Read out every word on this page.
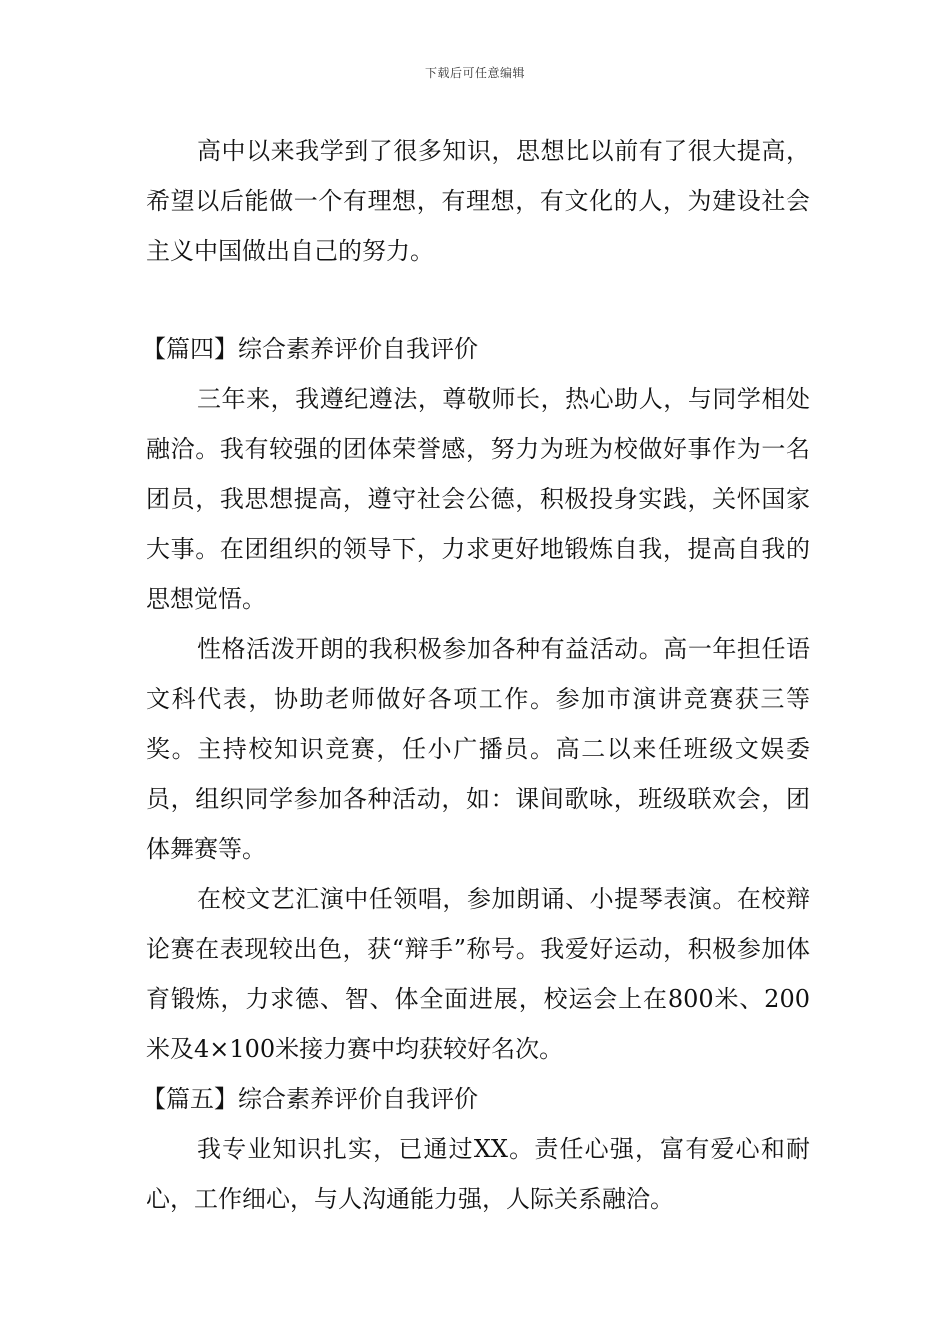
下载后可任意编辑

高中以来我学到了很多知识，思想比以前有了很大提高，希望以后能做一个有理想，有理想，有文化的人，为建设社会主义中国做出自己的努力。

【篇四】综合素养评价自我评价

三年来，我遵纪遵法，尊敬师长，热心助人，与同学相处融洽。我有较强的团体荣誉感，努力为班为校做好事作为一名团员，我思想提高，遵守社会公德，积极投身实践，关怀国家大事。在团组织的领导下，力求更好地锻炼自我，提高自我的思想觉悟。

性格活泼开朗的我积极参加各种有益活动。高一年担任语文科代表，协助老师做好各项工作。参加市演讲竞赛获三等奖。主持校知识竞赛，任小广播员。高二以来任班级文娱委员，组织同学参加各种活动，如：课间歌咏，班级联欢会，团体舞赛等。

在校文艺汇演中任领唱，参加朗诵、小提琴表演。在校辩论赛在表现较出色，获“辩手”称号。我爱好运动，积极参加体育锻炼，力求德、智、体全面进展，校运会上在800米、200米及4×100米接力赛中均获较好名次。

【篇五】综合素养评价自我评价

我专业知识扎实，已通过XX。责任心强，富有爱心和耐心，工作细心，与人沟通能力强，人际关系融洽。
